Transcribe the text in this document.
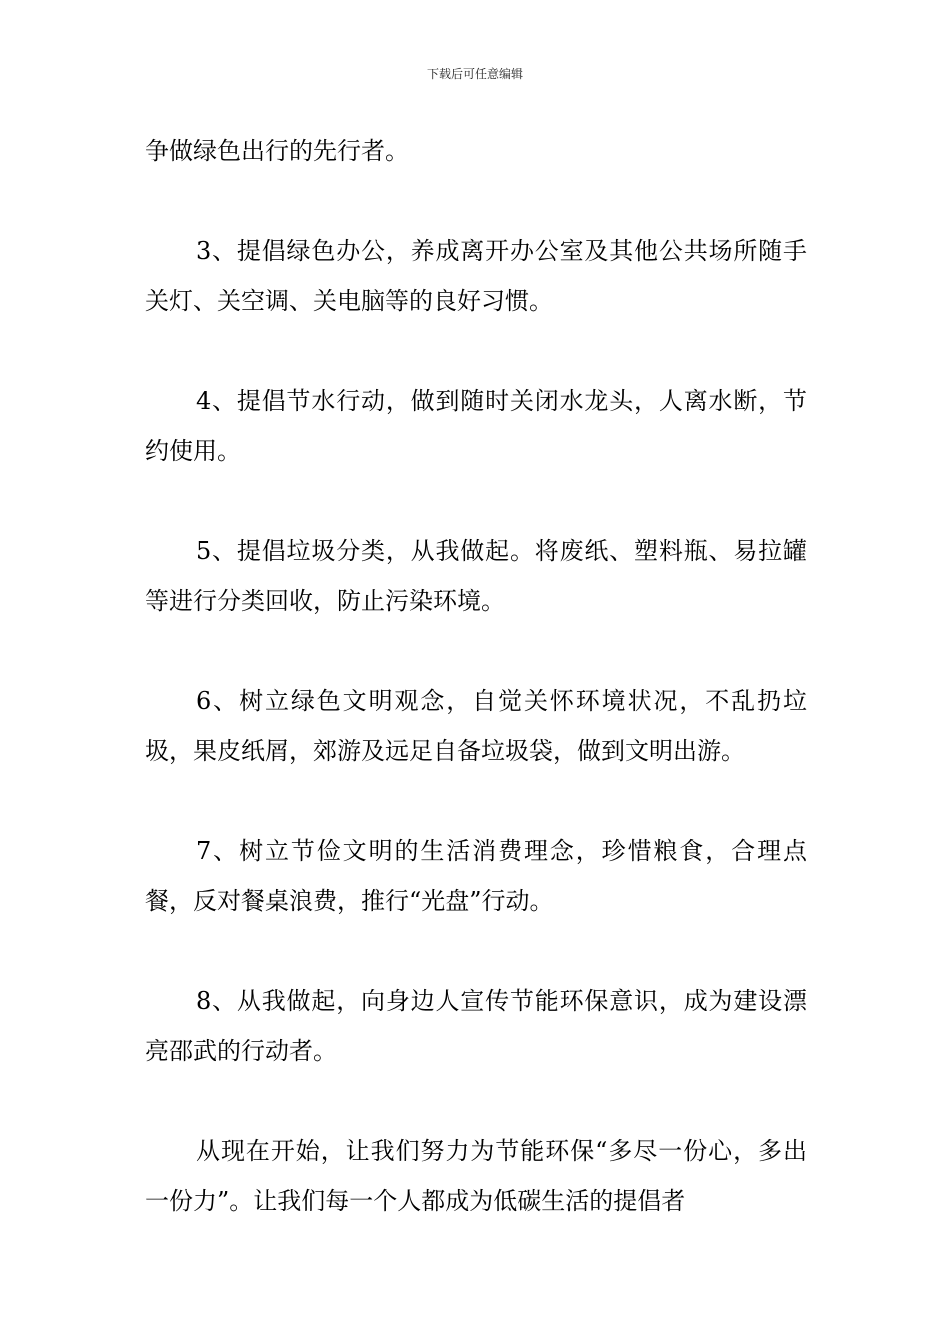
下载后可任意编辑

争做绿色出行的先行者。

3、提倡绿色办公，养成离开办公室及其他公共场所随手关灯、关空调、关电脑等的良好习惯。

4、提倡节水行动，做到随时关闭水龙头，人离水断，节约使用。

5、提倡垃圾分类，从我做起。将废纸、塑料瓶、易拉罐等进行分类回收，防止污染环境。

6、树立绿色文明观念，自觉关怀环境状况，不乱扔垃圾，果皮纸屑，郊游及远足自备垃圾袋，做到文明出游。

7、树立节俭文明的生活消费理念，珍惜粮食，合理点餐，反对餐桌浪费，推行“光盘”行动。

8、从我做起，向身边人宣传节能环保意识，成为建设漂亮邵武的行动者。

从现在开始，让我们努力为节能环保“多尽一份心，多出一份力”。让我们每一个人都成为低碳生活的提倡者
